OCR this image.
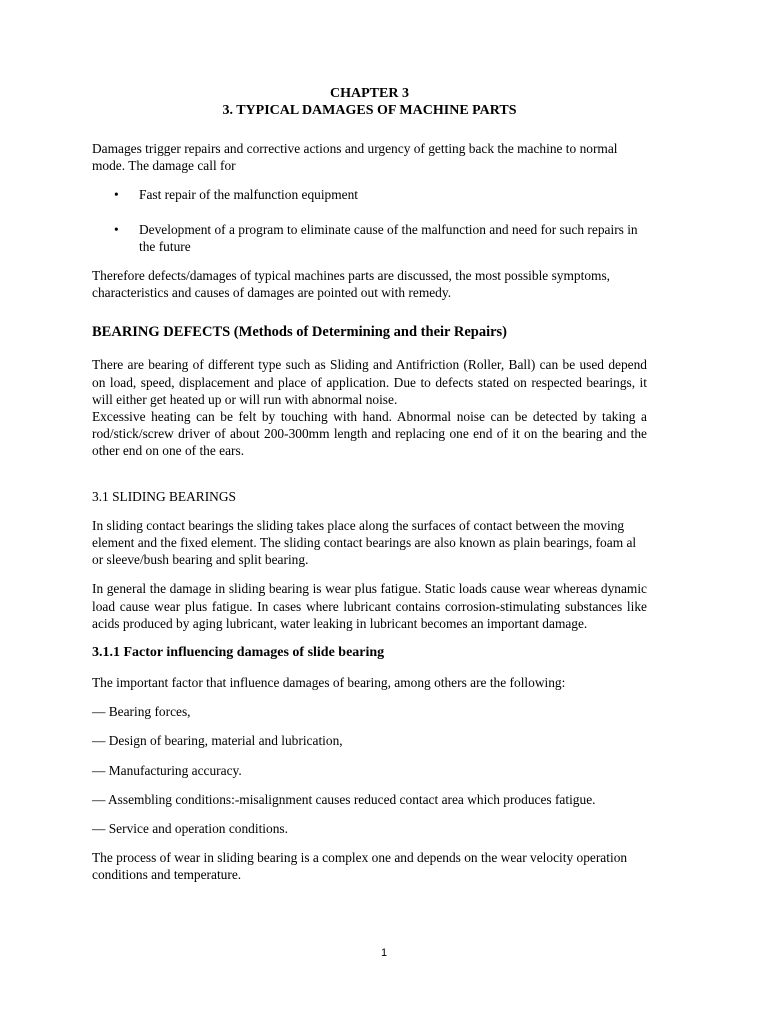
CHAPTER 3
3. TYPICAL DAMAGES OF MACHINE PARTS

Damages trigger repairs and corrective actions and urgency of getting back the machine to normal mode. The damage call for

• Fast repair of the malfunction equipment
• Development of a program to eliminate cause of the malfunction and need for such repairs in the future

Therefore defects/damages of typical machines parts are discussed, the most possible symptoms, characteristics and causes of damages are pointed out with remedy.

BEARING DEFECTS (Methods of Determining and their Repairs)

There are bearing of different type such as Sliding and Antifriction (Roller, Ball) can be used depend on load, speed, displacement and place of application. Due to defects stated on respected bearings, it will either get heated up or will run with abnormal noise.
Excessive heating can be felt by touching with hand. Abnormal noise can be detected by taking a rod/stick/screw driver of about 200-300mm length and replacing one end of it on the bearing and the other end on one of the ears.

3.1 SLIDING BEARINGS

In sliding contact bearings the sliding takes place along the surfaces of contact between the moving element and the fixed element. The sliding contact bearings are also known as plain bearings, foam al or sleeve/bush bearing and split bearing.

In general the damage in sliding bearing is wear plus fatigue. Static loads cause wear whereas dynamic load cause wear plus fatigue. In cases where lubricant contains corrosion-stimulating substances like acids produced by aging lubricant, water leaking in lubricant becomes an important damage.

3.1.1 Factor influencing damages of slide bearing

The important factor that influence damages of bearing, among others are the following:

— Bearing forces,

— Design of bearing, material and lubrication,

— Manufacturing accuracy.

— Assembling conditions:-misalignment causes reduced contact area which produces fatigue.

— Service and operation conditions.

The process of wear in sliding bearing is a complex one and depends on the wear velocity operation conditions and temperature.

1
